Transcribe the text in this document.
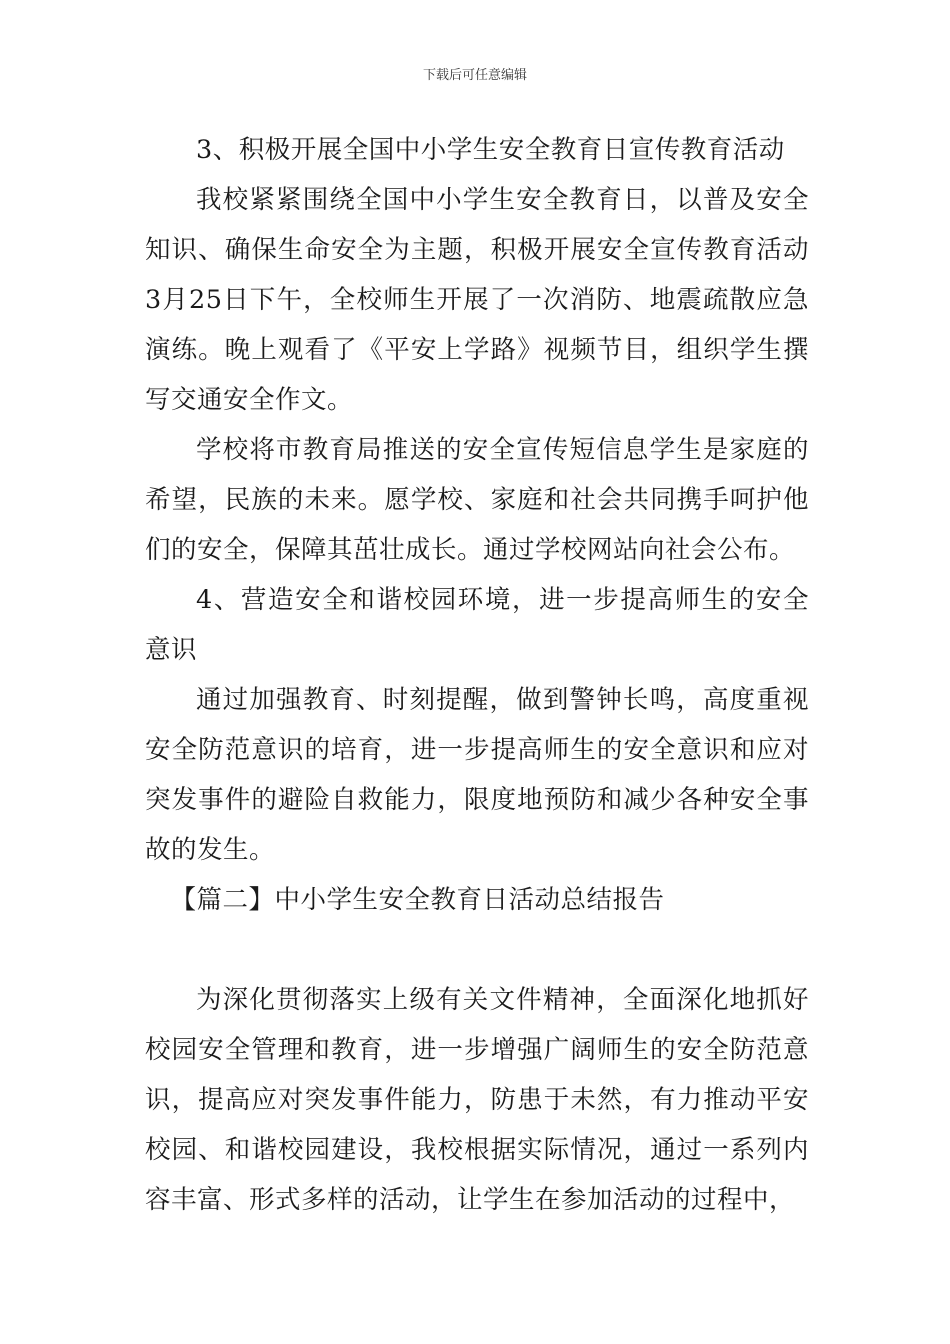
下载后可任意编辑

3、积极开展全国中小学生安全教育日宣传教育活动

我校紧紧围绕全国中小学生安全教育日，以普及安全知识、确保生命安全为主题，积极开展安全宣传教育活动3月25日下午，全校师生开展了一次消防、地震疏散应急演练。晚上观看了《平安上学路》视频节目，组织学生撰写交通安全作文。

学校将市教育局推送的安全宣传短信息学生是家庭的希望，民族的未来。愿学校、家庭和社会共同携手呵护他们的安全，保障其茁壮成长。通过学校网站向社会公布。

4、营造安全和谐校园环境，进一步提高师生的安全意识

通过加强教育、时刻提醒，做到警钟长鸣，高度重视安全防范意识的培育，进一步提高师生的安全意识和应对突发事件的避险自救能力，限度地预防和减少各种安全事故的发生。

【篇二】中小学生安全教育日活动总结报告

为深化贯彻落实上级有关文件精神，全面深化地抓好校园安全管理和教育，进一步增强广阔师生的安全防范意识，提高应对突发事件能力，防患于未然，有力推动平安校园、和谐校园建设，我校根据实际情况，通过一系列内容丰富、形式多样的活动，让学生在参加活动的过程中，
